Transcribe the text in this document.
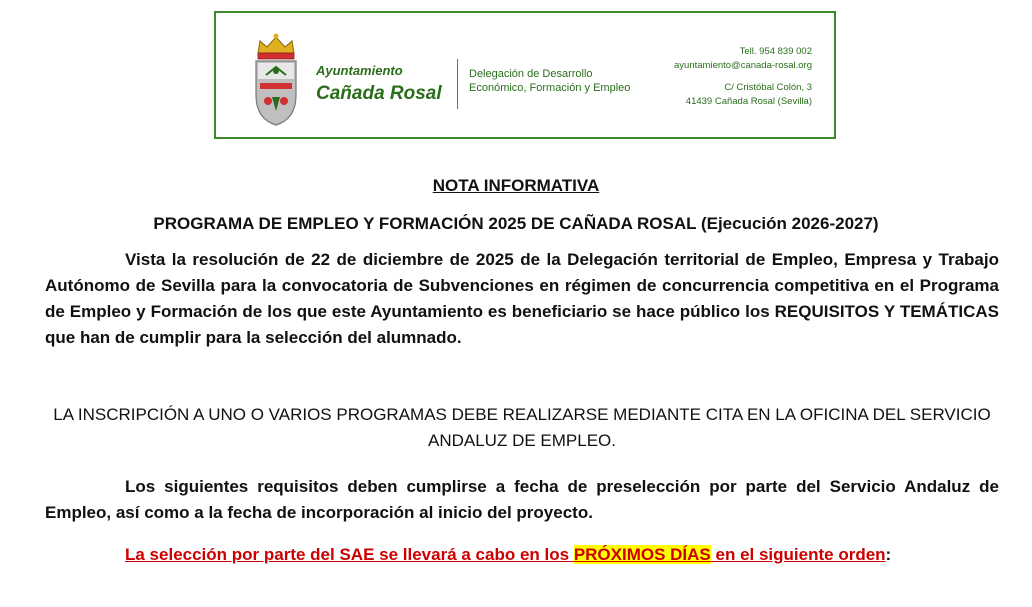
Ayuntamiento
Cañada Rosal
Delegación de Desarrollo
Económico, Formación y Empleo
Tell. 954 839 002
ayuntamiento@canada-rosal.org
C/ Cristóbal Colón, 3
41439 Cañada Rosal (Sevilla)
NOTA INFORMATIVA
PROGRAMA DE EMPLEO Y FORMACIÓN 2025 DE CAÑADA ROSAL (Ejecución 2026-2027)

Vista la resolución de 22 de diciembre de 2025 de la Delegación territorial de Empleo, Empresa y Trabajo Autónomo de Sevilla para la convocatoria de Subvenciones en régimen de concurrencia competitiva en el Programa de Empleo y Formación de los que este Ayuntamiento es beneficiario se hace público los REQUISITOS Y TEMÁTICAS que han de cumplir para la selección del alumnado.

LA INSCRIPCIÓN A UNO O VARIOS PROGRAMAS DEBE REALIZARSE MEDIANTE CITA EN LA OFICINA DEL SERVICIO ANDALUZ DE EMPLEO.

Los siguientes requisitos deben cumplirse a fecha de preselección por parte del Servicio Andaluz de Empleo, así como a la fecha de incorporación al inicio del proyecto.

La selección por parte del SAE se llevará a cabo en los PRÓXIMOS DÍAS en el siguiente orden:
